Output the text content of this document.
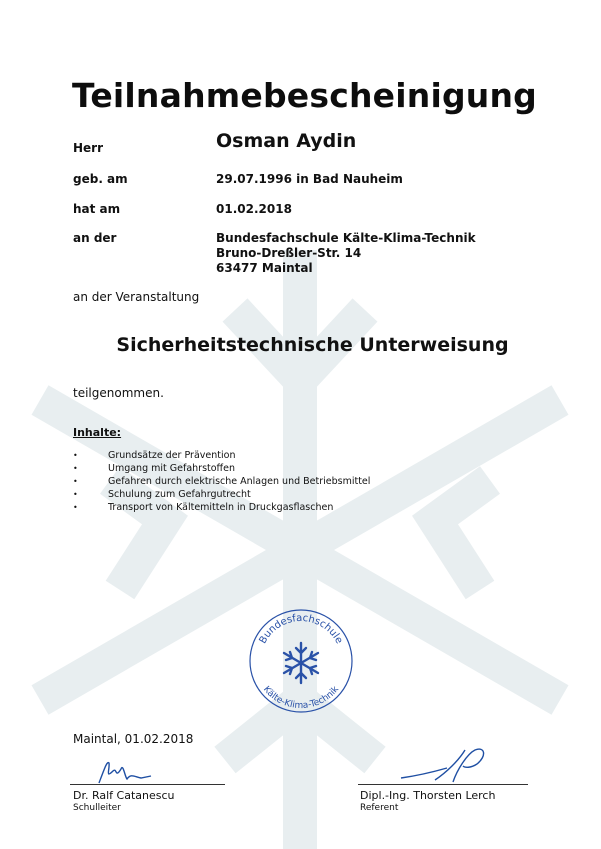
Teilnahmebescheinigung
Herr	Osman Aydin
geb. am	29.07.1996 in Bad Nauheim
hat am	01.02.2018
an der	Bundesfachschule Kälte-Klima-Technik
Bruno-Dreßler-Str. 14
63477 Maintal
an der Veranstaltung
Sicherheitstechnische Unterweisung
teilgenommen.
Inhalte:
•	Grundsätze der Prävention
•	Umgang mit Gefahrstoffen
•	Gefahren durch elektrische Anlagen und Betriebsmittel
•	Schulung zum Gefahrgutrecht
•	Transport von Kältemitteln in Druckgasflaschen
Bundesfachschule
Kälte-Klima-Technik
Maintal, 01.02.2018
Dr. Ralf Catanescu
Schulleiter
Dipl.-Ing. Thorsten Lerch
Referent
